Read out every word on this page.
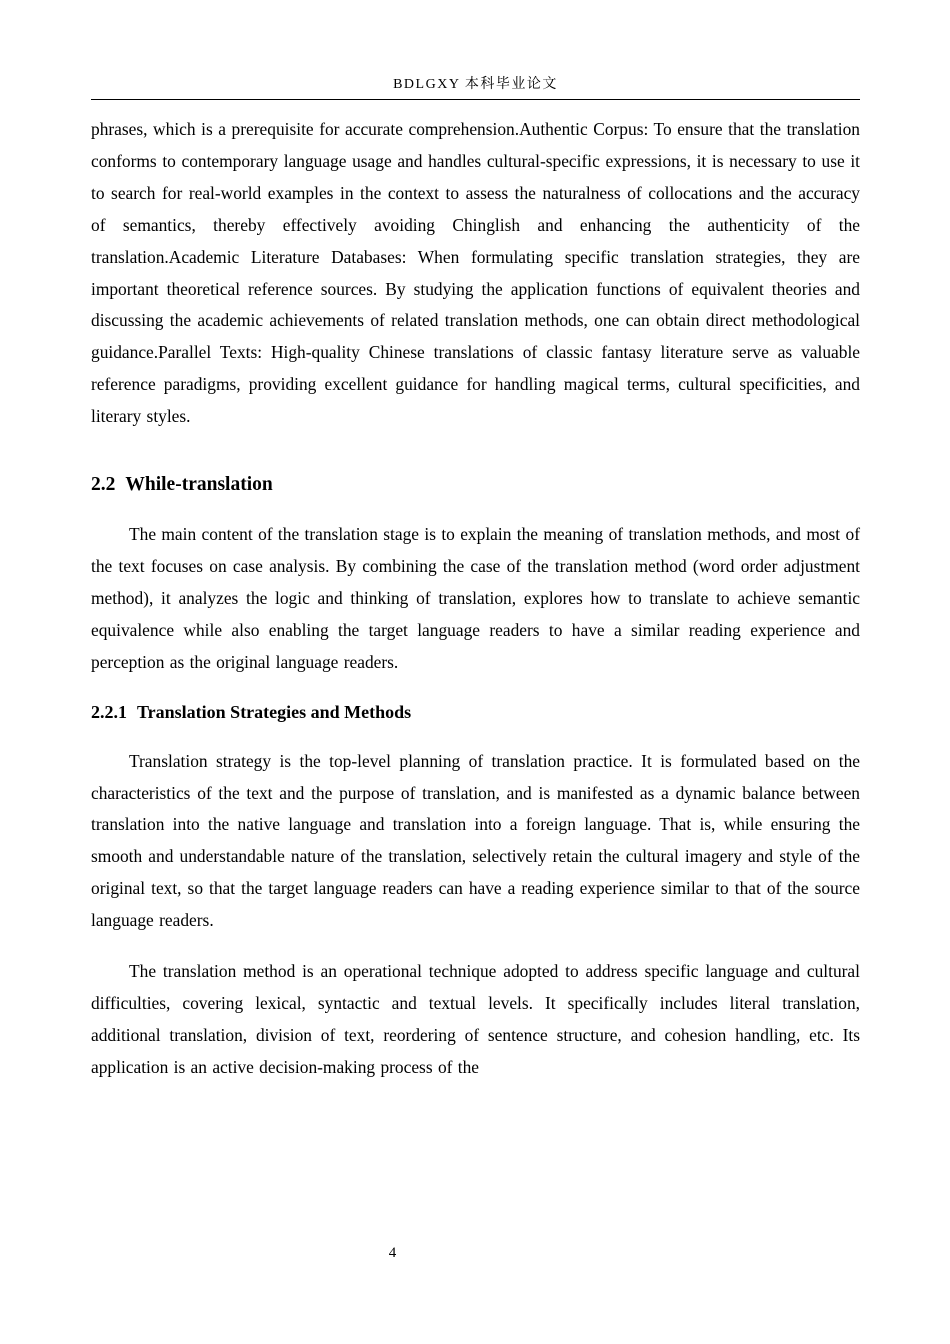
BDLGXY 本科毕业论文

phrases, which is a prerequisite for accurate comprehension.Authentic Corpus: To ensure that the translation conforms to contemporary language usage and handles cultural-specific expressions, it is necessary to use it to search for real-world examples in the context to assess the naturalness of collocations and the accuracy of semantics, thereby effectively avoiding Chinglish and enhancing the authenticity of the translation.Academic Literature Databases: When formulating specific translation strategies, they are important theoretical reference sources. By studying the application functions of equivalent theories and discussing the academic achievements of related translation methods, one can obtain direct methodological guidance.Parallel Texts: High-quality Chinese translations of classic fantasy literature serve as valuable reference paradigms, providing excellent guidance for handling magical terms, cultural specificities, and literary styles.

2.2 While-translation

The main content of the translation stage is to explain the meaning of translation methods, and most of the text focuses on case analysis. By combining the case of the translation method (word order adjustment method), it analyzes the logic and thinking of translation, explores how to translate to achieve semantic equivalence while also enabling the target language readers to have a similar reading experience and perception as the original language readers.

2.2.1 Translation Strategies and Methods

Translation strategy is the top-level planning of translation practice. It is formulated based on the characteristics of the text and the purpose of translation, and is manifested as a dynamic balance between translation into the native language and translation into a foreign language. That is, while ensuring the smooth and understandable nature of the translation, selectively retain the cultural imagery and style of the original text, so that the target language readers can have a reading experience similar to that of the source language readers.

The translation method is an operational technique adopted to address specific language and cultural difficulties, covering lexical, syntactic and textual levels. It specifically includes literal translation, additional translation, division of text, reordering of sentence structure, and cohesion handling, etc. Its application is an active decision-making process of the

4
